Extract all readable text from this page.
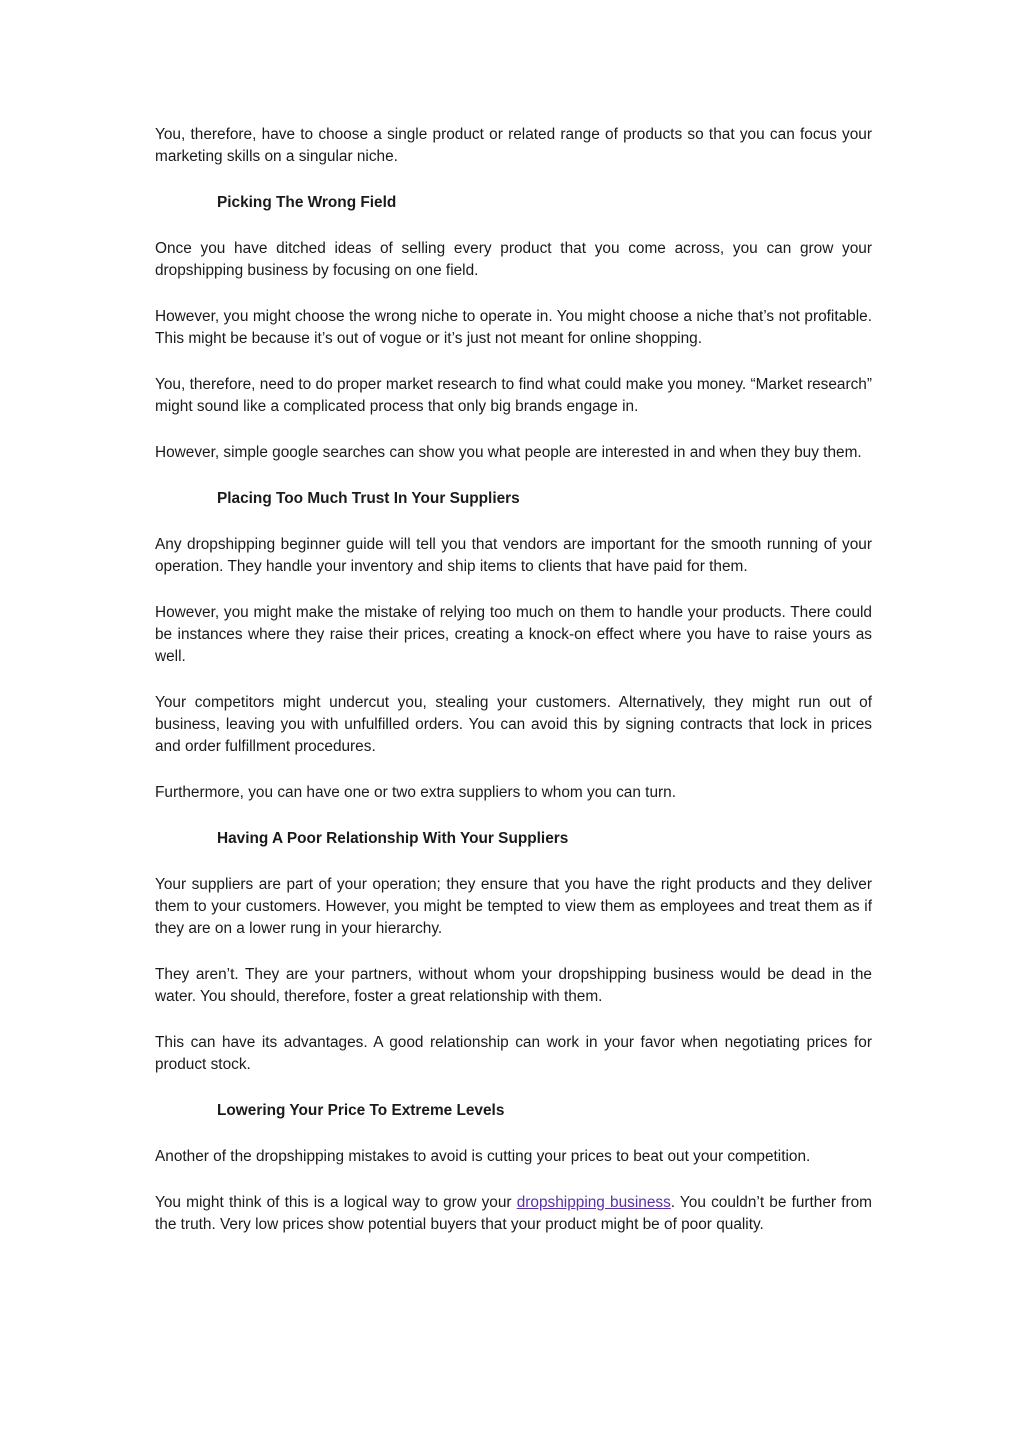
You, therefore, have to choose a single product or related range of products so that you can focus your marketing skills on a singular niche.

Picking The Wrong Field

Once you have ditched ideas of selling every product that you come across, you can grow your dropshipping business by focusing on one field.

However, you might choose the wrong niche to operate in. You might choose a niche that’s not profitable. This might be because it’s out of vogue or it’s just not meant for online shopping.

You, therefore, need to do proper market research to find what could make you money. “Market research” might sound like a complicated process that only big brands engage in.

However, simple google searches can show you what people are interested in and when they buy them.

Placing Too Much Trust In Your Suppliers

Any dropshipping beginner guide will tell you that vendors are important for the smooth running of your operation. They handle your inventory and ship items to clients that have paid for them.

However, you might make the mistake of relying too much on them to handle your products. There could be instances where they raise their prices, creating a knock-on effect where you have to raise yours as well.

Your competitors might undercut you, stealing your customers. Alternatively, they might run out of business, leaving you with unfulfilled orders. You can avoid this by signing contracts that lock in prices and order fulfillment procedures.

Furthermore, you can have one or two extra suppliers to whom you can turn.

Having A Poor Relationship With Your Suppliers

Your suppliers are part of your operation; they ensure that you have the right products and they deliver them to your customers. However, you might be tempted to view them as employees and treat them as if they are on a lower rung in your hierarchy.

They aren’t. They are your partners, without whom your dropshipping business would be dead in the water. You should, therefore, foster a great relationship with them.

This can have its advantages. A good relationship can work in your favor when negotiating prices for product stock.

Lowering Your Price To Extreme Levels

Another of the dropshipping mistakes to avoid is cutting your prices to beat out your competition.

You might think of this is a logical way to grow your dropshipping business. You couldn’t be further from the truth. Very low prices show potential buyers that your product might be of poor quality.
